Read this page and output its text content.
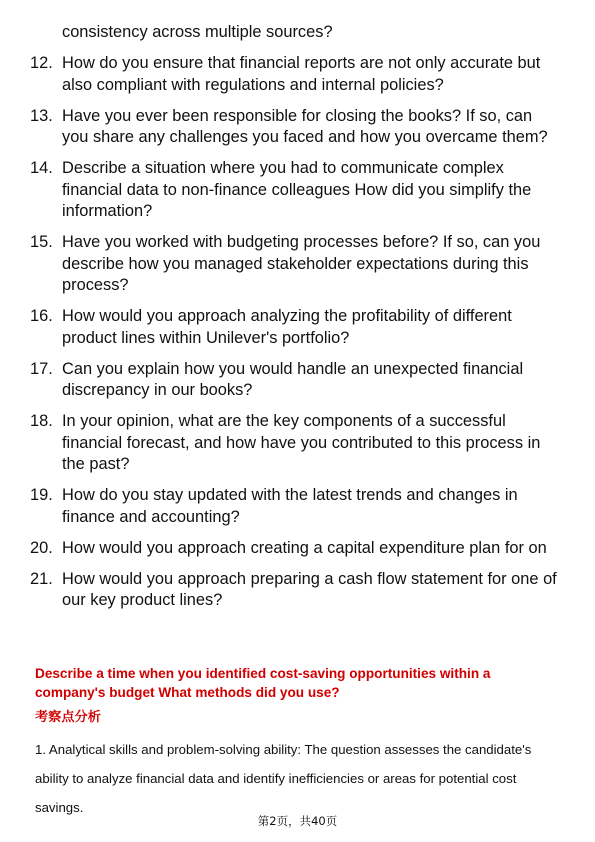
consistency across multiple sources?
12. How do you ensure that financial reports are not only accurate but also compliant with regulations and internal policies?
13. Have you ever been responsible for closing the books? If so, can you share any challenges you faced and how you overcame them?
14. Describe a situation where you had to communicate complex financial data to non-finance colleagues How did you simplify the information?
15. Have you worked with budgeting processes before? If so, can you describe how you managed stakeholder expectations during this process?
16. How would you approach analyzing the profitability of different product lines within Unilever's portfolio?
17. Can you explain how you would handle an unexpected financial discrepancy in our books?
18. In your opinion, what are the key components of a successful financial forecast, and how have you contributed to this process in the past?
19. How do you stay updated with the latest trends and changes in finance and accounting?
20. How would you approach creating a capital expenditure plan for on
21. How would you approach preparing a cash flow statement for one of our key product lines?
Describe a time when you identified cost-saving opportunities within a company's budget What methods did you use?
考察点分析
1. Analytical skills and problem-solving ability: The question assesses the candidate's ability to analyze financial data and identify inefficiencies or areas for potential cost savings.
第2页，共40页
